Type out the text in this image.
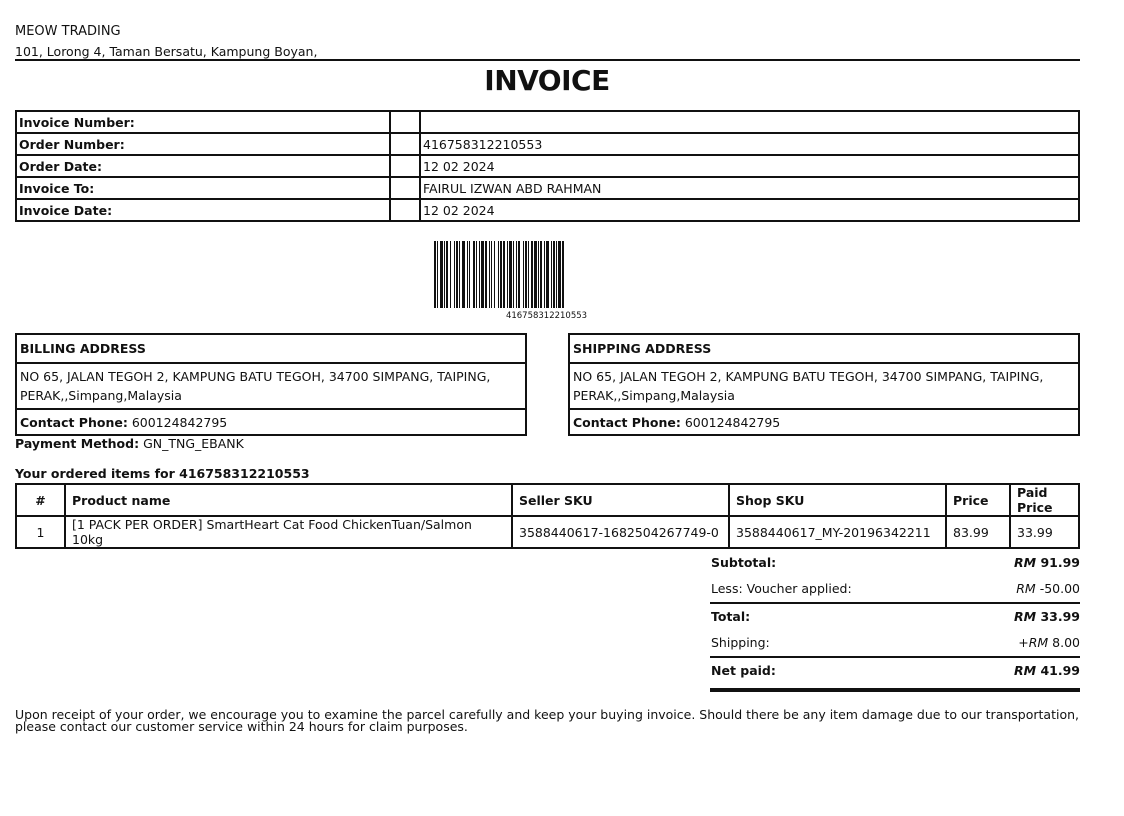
MEOW TRADING
101, Lorong 4, Taman Bersatu, Kampung Boyan,
INVOICE
Invoice Number:		
Order Number:		416758312210553
Order Date:		12 02 2024
Invoice To:		FAIRUL IZWAN ABD RAHMAN
Invoice Date:		12 02 2024
416758312210553
BILLING ADDRESS
NO 65, JALAN TEGOH 2, KAMPUNG BATU TEGOH, 34700 SIMPANG, TAIPING, PERAK,,Simpang,Malaysia
Contact Phone: 600124842795
SHIPPING ADDRESS
NO 65, JALAN TEGOH 2, KAMPUNG BATU TEGOH, 34700 SIMPANG, TAIPING, PERAK,,Simpang,Malaysia
Contact Phone: 600124842795
Payment Method: GN_TNG_EBANK
Your ordered items for 416758312210553
#	Product name	Seller SKU	Shop SKU	Price	Paid Price
1	[1 PACK PER ORDER] SmartHeart Cat Food ChickenTuan/Salmon 10kg	3588440617-1682504267749-0	3588440617_MY-20196342211	83.99	33.99
Subtotal:	RM 91.99
Less: Voucher applied:	RM -50.00
Total:	RM 33.99
Shipping:	+RM 8.00
Net paid:	RM 41.99
Upon receipt of your order, we encourage you to examine the parcel carefully and keep your buying invoice. Should there be any item damage due to our transportation, please contact our customer service within 24 hours for claim purposes.
